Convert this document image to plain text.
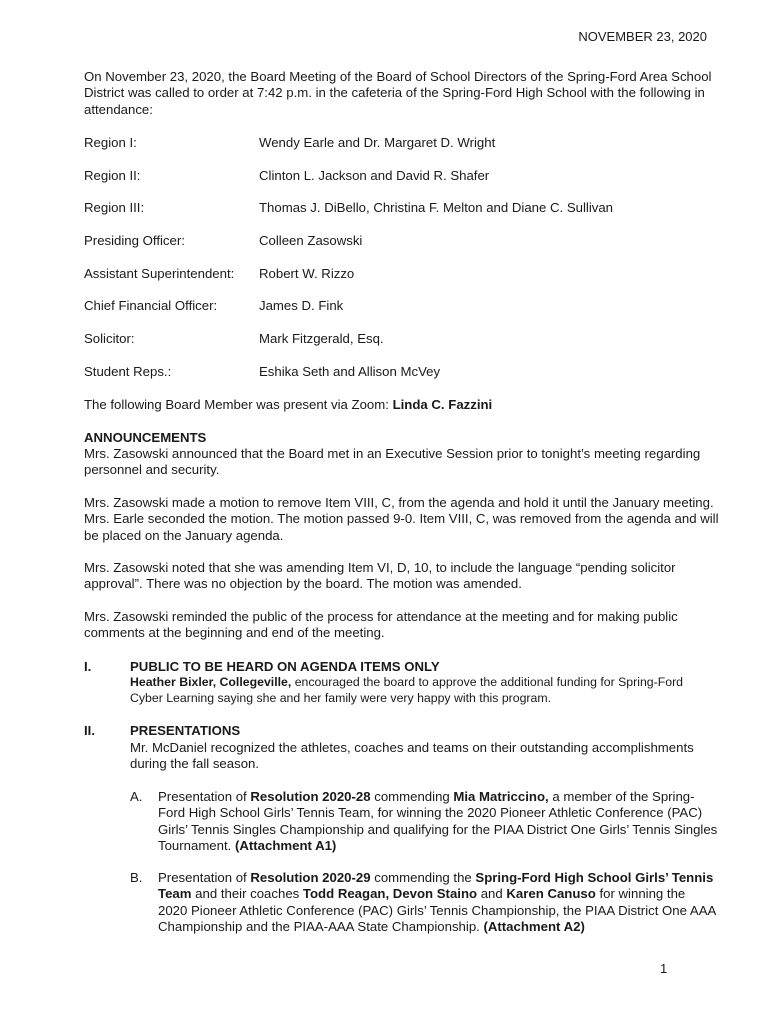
NOVEMBER 23, 2020
On November 23, 2020, the Board Meeting of the Board of School Directors of the Spring-Ford Area School District was called to order at 7:42 p.m. in the cafeteria of the Spring-Ford High School with the following in attendance:
Region I:	Wendy Earle and Dr. Margaret D. Wright
Region II:	Clinton L. Jackson and David R. Shafer
Region III:	Thomas J. DiBello, Christina F. Melton and Diane C. Sullivan
Presiding Officer:	Colleen Zasowski
Assistant Superintendent: Robert W. Rizzo
Chief Financial Officer:	James D. Fink
Solicitor:	Mark Fitzgerald, Esq.
Student Reps.:	Eshika Seth and Allison McVey
The following Board Member was present via Zoom: Linda C. Fazzini
ANNOUNCEMENTS
Mrs. Zasowski announced that the Board met in an Executive Session prior to tonight’s meeting regarding personnel and security.
Mrs. Zasowski made a motion to remove Item VIII, C, from the agenda and hold it until the January meeting. Mrs. Earle seconded the motion. The motion passed 9-0. Item VIII, C, was removed from the agenda and will be placed on the January agenda.
Mrs. Zasowski noted that she was amending Item VI, D, 10, to include the language “pending solicitor approval”. There was no objection by the board. The motion was amended.
Mrs. Zasowski reminded the public of the process for attendance at the meeting and for making public comments at the beginning and end of the meeting.
I.	PUBLIC TO BE HEARD ON AGENDA ITEMS ONLY
Heather Bixler, Collegeville, encouraged the board to approve the additional funding for Spring-Ford Cyber Learning saying she and her family were very happy with this program.
II.	PRESENTATIONS
Mr. McDaniel recognized the athletes, coaches and teams on their outstanding accomplishments during the fall season.
A. Presentation of Resolution 2020-28 commending Mia Matriccino, a member of the Spring-Ford High School Girls’ Tennis Team, for winning the 2020 Pioneer Athletic Conference (PAC) Girls’ Tennis Singles Championship and qualifying for the PIAA District One Girls’ Tennis Singles Tournament. (Attachment A1)
B. Presentation of Resolution 2020-29 commending the Spring-Ford High School Girls’ Tennis Team and their coaches Todd Reagan, Devon Staino and Karen Canuso for winning the 2020 Pioneer Athletic Conference (PAC) Girls’ Tennis Championship, the PIAA District One AAA Championship and the PIAA-AAA State Championship. (Attachment A2)
1
